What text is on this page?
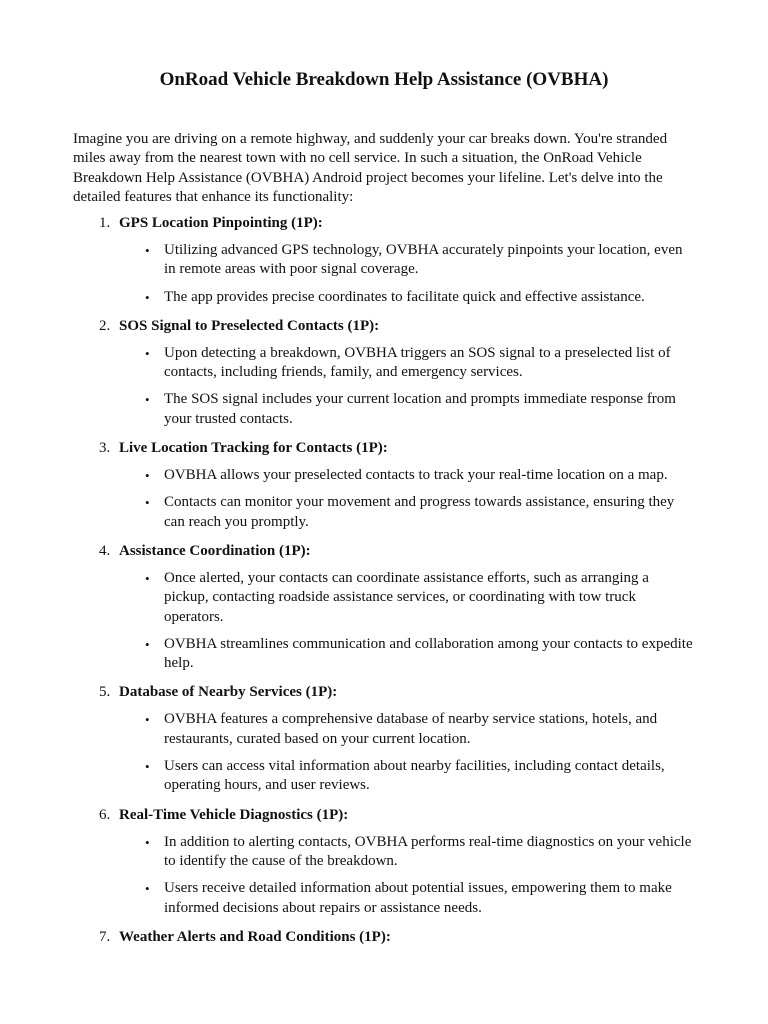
OnRoad Vehicle Breakdown Help Assistance (OVBHA)

Imagine you are driving on a remote highway, and suddenly your car breaks down. You're stranded miles away from the nearest town with no cell service. In such a situation, the OnRoad Vehicle Breakdown Help Assistance (OVBHA) Android project becomes your lifeline. Let's delve into the detailed features that enhance its functionality:

1. GPS Location Pinpointing (1P):
• Utilizing advanced GPS technology, OVBHA accurately pinpoints your location, even in remote areas with poor signal coverage.
• The app provides precise coordinates to facilitate quick and effective assistance.
2. SOS Signal to Preselected Contacts (1P):
• Upon detecting a breakdown, OVBHA triggers an SOS signal to a preselected list of contacts, including friends, family, and emergency services.
• The SOS signal includes your current location and prompts immediate response from your trusted contacts.
3. Live Location Tracking for Contacts (1P):
• OVBHA allows your preselected contacts to track your real-time location on a map.
• Contacts can monitor your movement and progress towards assistance, ensuring they can reach you promptly.
4. Assistance Coordination (1P):
• Once alerted, your contacts can coordinate assistance efforts, such as arranging a pickup, contacting roadside assistance services, or coordinating with tow truck operators.
• OVBHA streamlines communication and collaboration among your contacts to expedite help.
5. Database of Nearby Services (1P):
• OVBHA features a comprehensive database of nearby service stations, hotels, and restaurants, curated based on your current location.
• Users can access vital information about nearby facilities, including contact details, operating hours, and user reviews.
6. Real-Time Vehicle Diagnostics (1P):
• In addition to alerting contacts, OVBHA performs real-time diagnostics on your vehicle to identify the cause of the breakdown.
• Users receive detailed information about potential issues, empowering them to make informed decisions about repairs or assistance needs.
7. Weather Alerts and Road Conditions (1P):
